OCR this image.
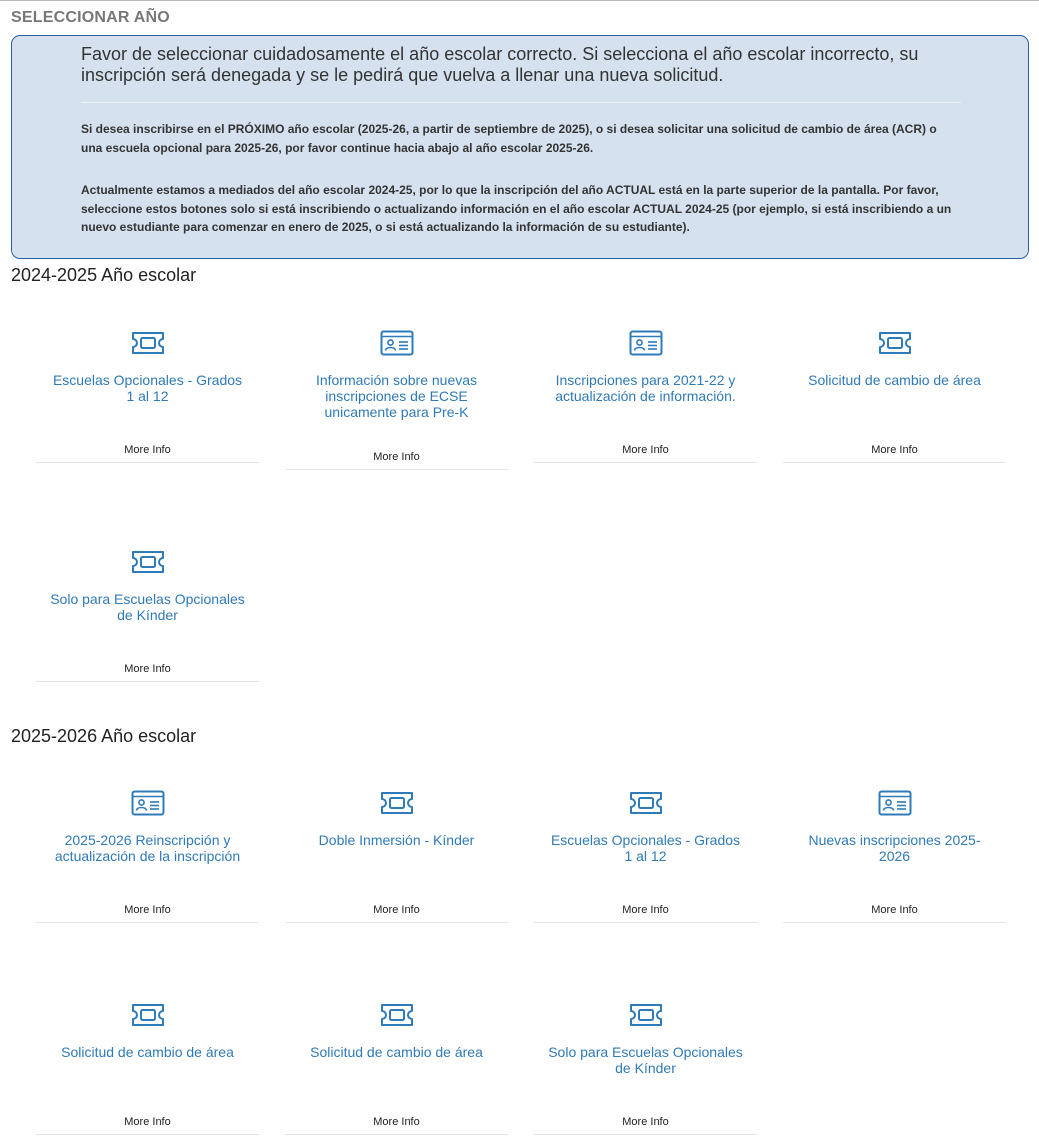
SELECCIONAR AÑO
Favor de seleccionar cuidadosamente el año escolar correcto. Si selecciona el año escolar incorrecto, su inscripción será denegada y se le pedirá que vuelva a llenar una nueva solicitud.
Si desea inscribirse en el PRÓXIMO año escolar (2025-26, a partir de septiembre de 2025), o si desea solicitar una solicitud de cambio de área (ACR) o una escuela opcional para 2025-26, por favor continue hacia abajo al año escolar 2025-26.
Actualmente estamos a mediados del año escolar 2024-25, por lo que la inscripción del año ACTUAL está en la parte superior de la pantalla. Por favor, seleccione estos botones solo si está inscribiendo o actualizando información en el año escolar ACTUAL 2024-25 (por ejemplo, si está inscribiendo a un nuevo estudiante para comenzar en enero de 2025, o si está actualizando la información de su estudiante).
2024-2025 Año escolar
Escuelas Opcionales - Grados 1 al 12
More Info
Información sobre nuevas inscripciones de ECSE unicamente para Pre-K
More Info
Inscripciones para 2021-22 y actualización de información.
More Info
Solicitud de cambio de área
More Info
Solo para Escuelas Opcionales de Kínder
More Info
2025-2026 Año escolar
2025-2026 Reinscripción y actualización de la inscripción
More Info
Doble Inmersión - Kínder
More Info
Escuelas Opcionales - Grados 1 al 12
More Info
Nuevas inscripciones 2025-2026
More Info
Solicitud de cambio de área
More Info
Solicitud de cambio de área
More Info
Solo para Escuelas Opcionales de Kínder
More Info
